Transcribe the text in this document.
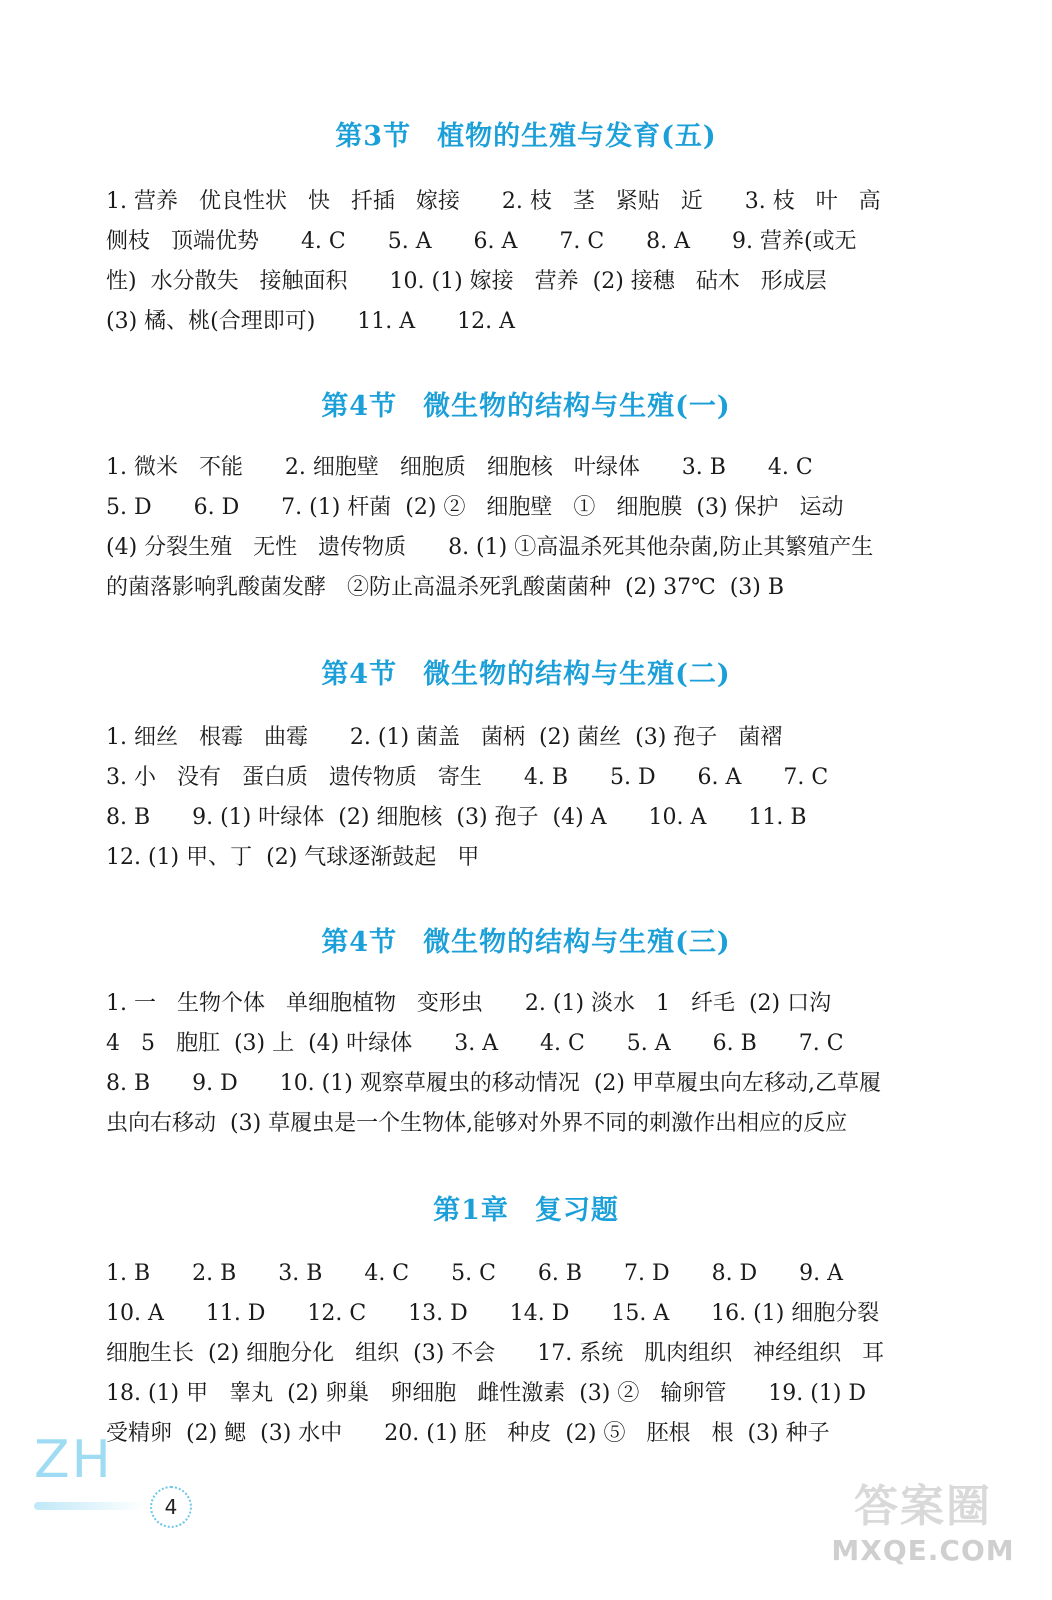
第3节 植物的生殖与发育(五)
1. 营养   优良性状   快   扦插   嫁接      2. 枝   茎   紧贴   近      3. 枝   叶   高
侧枝   顶端优势      4. C      5. A      6. A      7. C      8. A      9. 营养(或无
性)  水分散失   接触面积      10. (1) 嫁接   营养  (2) 接穗   砧木   形成层
(3) 橘、桃(合理即可)      11. A      12. A
第4节 微生物的结构与生殖(一)
1. 微米   不能      2. 细胞壁   细胞质   细胞核   叶绿体      3. B      4. C
5. D      6. D      7. (1) 杆菌  (2) ②   细胞壁   ①   细胞膜  (3) 保护   运动
(4) 分裂生殖   无性   遗传物质      8. (1) ①高温杀死其他杂菌,防止其繁殖产生
的菌落影响乳酸菌发酵   ②防止高温杀死乳酸菌菌种  (2) 37℃  (3) B
第4节 微生物的结构与生殖(二)
1. 细丝   根霉   曲霉      2. (1) 菌盖   菌柄  (2) 菌丝  (3) 孢子   菌褶
3. 小   没有   蛋白质   遗传物质   寄生      4. B      5. D      6. A      7. C
8. B      9. (1) 叶绿体  (2) 细胞核  (3) 孢子  (4) A      10. A      11. B
12. (1) 甲、丁  (2) 气球逐渐鼓起   甲
第4节 微生物的结构与生殖(三)
1. 一   生物个体   单细胞植物   变形虫      2. (1) 淡水   1   纤毛  (2) 口沟
4   5   胞肛  (3) 上  (4) 叶绿体      3. A      4. C      5. A      6. B      7. C
8. B      9. D      10. (1) 观察草履虫的移动情况  (2) 甲草履虫向左移动,乙草履
虫向右移动  (3) 草履虫是一个生物体,能够对外界不同的刺激作出相应的反应
第1章 复习题
1. B      2. B      3. B      4. C      5. C      6. B      7. D      8. D      9. A
10. A      11. D      12. C      13. D      14. D      15. A      16. (1) 细胞分裂
细胞生长  (2) 细胞分化   组织  (3) 不会      17. 系统   肌肉组织   神经组织   耳
18. (1) 甲   睾丸  (2) 卵巢   卵细胞   雌性激素  (3) ②   输卵管      19. (1) D
受精卵  (2) 鳃  (3) 水中      20. (1) 胚   种皮  (2) ⑤   胚根   根  (3) 种子
ZH
4	答案圈
MXQE.COM
